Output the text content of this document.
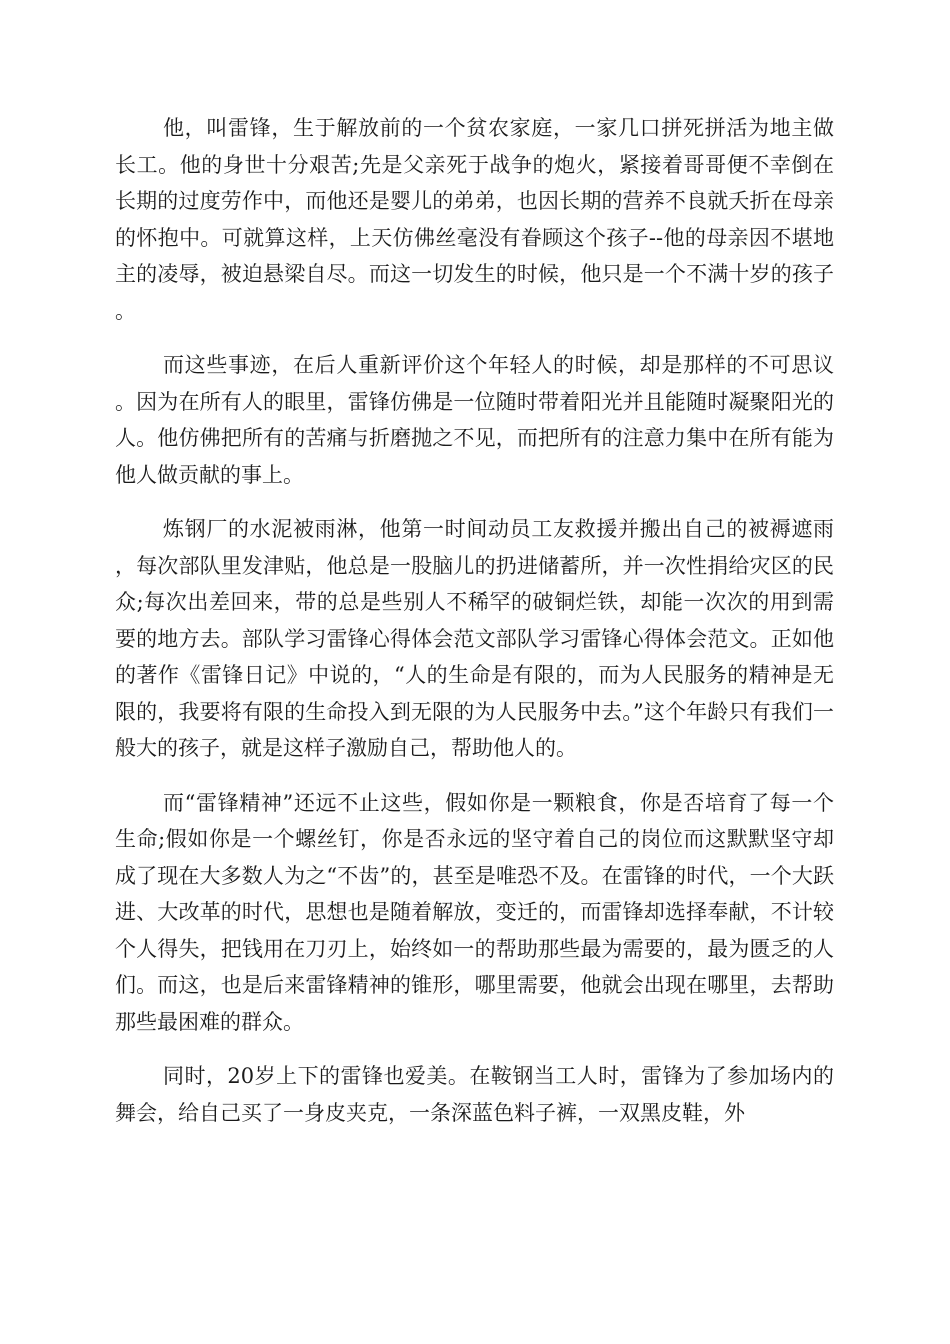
他，叫雷锋，生于解放前的一个贫农家庭，一家几口拼死拼活为地主做长工。他的身世十分艰苦;先是父亲死于战争的炮火，紧接着哥哥便不幸倒在长期的过度劳作中，而他还是婴儿的弟弟，也因长期的营养不良就夭折在母亲的怀抱中。可就算这样，上天仿佛丝毫没有眷顾这个孩子--他的母亲因不堪地主的凌辱，被迫悬梁自尽。而这一切发生的时候，他只是一个不满十岁的孩子。

而这些事迹，在后人重新评价这个年轻人的时候，却是那样的不可思议。因为在所有人的眼里，雷锋仿佛是一位随时带着阳光并且能随时凝聚阳光的人。他仿佛把所有的苦痛与折磨抛之不见，而把所有的注意力集中在所有能为他人做贡献的事上。

炼钢厂的水泥被雨淋，他第一时间动员工友救援并搬出自己的被褥遮雨，每次部队里发津贴，他总是一股脑儿的扔进储蓄所，并一次性捐给灾区的民众;每次出差回来，带的总是些别人不稀罕的破铜烂铁，却能一次次的用到需要的地方去。部队学习雷锋心得体会范文部队学习雷锋心得体会范文。正如他的著作《雷锋日记》中说的，“人的生命是有限的，而为人民服务的精神是无限的，我要将有限的生命投入到无限的为人民服务中去。”这个年龄只有我们一般大的孩子，就是这样子激励自己，帮助他人的。

而“雷锋精神”还远不止这些，假如你是一颗粮食，你是否培育了每一个生命;假如你是一个螺丝钉，你是否永远的坚守着自己的岗位而这默默坚守却成了现在大多数人为之“不齿”的，甚至是唯恐不及。在雷锋的时代，一个大跃进、大改革的时代，思想也是随着解放，变迁的，而雷锋却选择奉献，不计较个人得失，把钱用在刀刃上，始终如一的帮助那些最为需要的，最为匮乏的人们。而这，也是后来雷锋精神的锥形，哪里需要，他就会出现在哪里，去帮助那些最困难的群众。

同时，20岁上下的雷锋也爱美。在鞍钢当工人时，雷锋为了参加场内的舞会，给自己买了一身皮夹克，一条深蓝色料子裤，一双黑皮鞋，外
